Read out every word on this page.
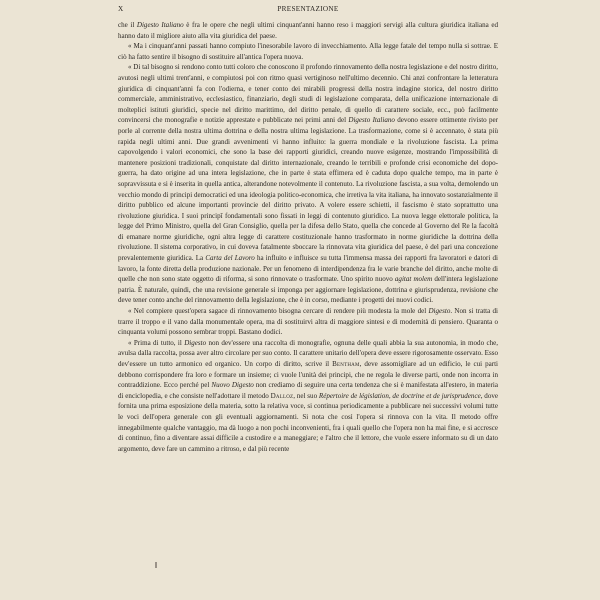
X	PRESENTAZIONE

che il Digesto Italiano è fra le opere che negli ultimi cinquant'anni hanno reso i maggiori servigi alla cultura giuridica italiana ed hanno dato il migliore aiuto alla vita giuridica del paese.

« Ma i cinquant'anni passati hanno compiuto l'inesorabile lavoro di invecchiamento. Alla legge fatale del tempo nulla si sottrae. E ciò ha fatto sentire il bisogno di sostituire all'antica l'opera nuova.

« Di tal bisogno si rendono conto tutti coloro che conoscono il profondo rinnovamento della nostra legislazione e del nostro diritto, avutosi negli ultimi trent'anni, e compiutosi poi con ritmo quasi vertiginoso nell'ultimo decennio. Chi anzi confrontare la letteratura giuridica di cinquant'anni fa con l'odierna, e tener conto dei mirabili progressi della nostra indagine storica, del nostro diritto commerciale, amministrativo, ecclesiastico, finanziario, degli studi di legislazione comparata, della unificazione internazionale di molteplici istituti giuridici, specie nel diritto marittimo, del diritto penale, di quello di carattere sociale, ecc., può facilmente convincersi che monografie e notizie apprestate e pubblicate nei primi anni del Digesto Italiano devono essere ottimente rivisto per porle al corrente della nostra ultima dottrina e della nostra ultima legislazione. La trasformazione, come si è accennato, è stata più rapida negli ultimi anni. Due grandi avvenimenti vi hanno influito: la guerra mondiale e la rivoluzione fascista. La prima capovolgendo i valori economici, che sono la base dei rapporti giuridici, creando nuove esigenze, mostrando l'impossibilità di mantenere posizioni tradizionali, conquistate dal diritto internazionale, creando le terribili e profonde crisi economiche del dopo-guerra, ha dato origine ad una intera legislazione, che in parte è stata effimera ed è caduta dopo qualche tempo, ma in parte è sopravvissuta e si è inserita in quella antica, alterandone notevolmente il contenuto. La rivoluzione fascista, a sua volta, demolendo un vecchio mondo di principi democratici ed una ideologia politico-economica, che irretiva la vita italiana, ha innovato sostanzialmente il diritto pubblico ed alcune importanti provincie del diritto privato. A volere essere schietti, il fascismo è stato soprattutto una rivoluzione giuridica. I suoi principî fondamentali sono fissati in leggi di contenuto giuridico. La nuova legge elettorale politica, la legge del Primo Ministro, quella del Gran Consiglio, quella per la difesa dello Stato, quella che concede al Governo del Re la facoltà di emanare norme giuridiche, ogni altra legge di carattere costituzionale hanno trasformato in norme giuridiche la dottrina della rivoluzione. Il sistema corporativo, in cui doveva fatalmente sboccare la rinnovata vita giuridica del paese, è del pari una concezione prevalentemente giuridica. La Carta del Lavoro ha influito e influisce su tutta l'immensa massa dei rapporti fra lavoratori e datori di lavoro, la fonte diretta della produzione nazionale. Per un fenomeno di interdipendenza fra le varie branche del diritto, anche molte di quelle che non sono state oggetto di riforma, si sono rinnovate o trasformate. Uno spirito nuovo agitat molem dell'intera legislazione patria. È naturale, quindi, che una revisione generale si imponga per aggiornare legislazione, dottrina e giurisprudenza, revisione che deve tener conto anche del rinnovamento della legislazione, che è in corso, mediante i progetti dei nuovi codici.

« Nel compiere quest'opera sagace di rinnovamento bisogna cercare di rendere più modesta la mole del Digesto. Non si tratta di trarre il troppo e il vano dalla monumentale opera, ma di sostituirvi altra di maggiore sintesi e di modernità di pensiero. Quaranta o cinquanta volumi possono sembrar troppi. Bastano dodici.

« Prima di tutto, il Digesto non dev'essere una raccolta di monografie, ognuna delle quali abbia la sua autonomia, in modo che, avulsa dalla raccolta, possa aver altro circolare per suo conto. Il carattere unitario dell'opera deve essere rigorosamente osservato. Esso dev'essere un tutto armonico ed organico. Un corpo di diritto, scrive il Bentham, deve assomigliare ad un edificio, le cui parti debbono corrispondere fra loro e formare un insieme; ci vuole l'unità dei principi, che ne regola le diverse parti, onde non incorra in contraddizione. Ecco perché pel Nuovo Digesto non crediamo di seguire una certa tendenza che si è manifestata all'estero, in materia di enciclopedia, e che consiste nell'adottare il metodo Dalloz, nel suo Répertoire de législation, de doctrine et de jurisprudence, dove fornita una prima esposizione della materia, sotto la relativa voce, si continua periodicamente a pubblicare nei successivi volumi tutte le voci dell'opera generale con gli eventuali aggiornamenti. Si nota che così l'opera si rinnova con la vita. Il metodo offre innegabilmente qualche vantaggio, ma dà luogo a non pochi inconvenienti, fra i quali quello che l'opera non ha mai fine, e si accresce di continuo, fino a diventare assai difficile a custodire e a maneggiare; e l'altro che il lettore, che vuole essere informato su di un dato argomento, deve fare un cammino a ritroso, e dal più recente
